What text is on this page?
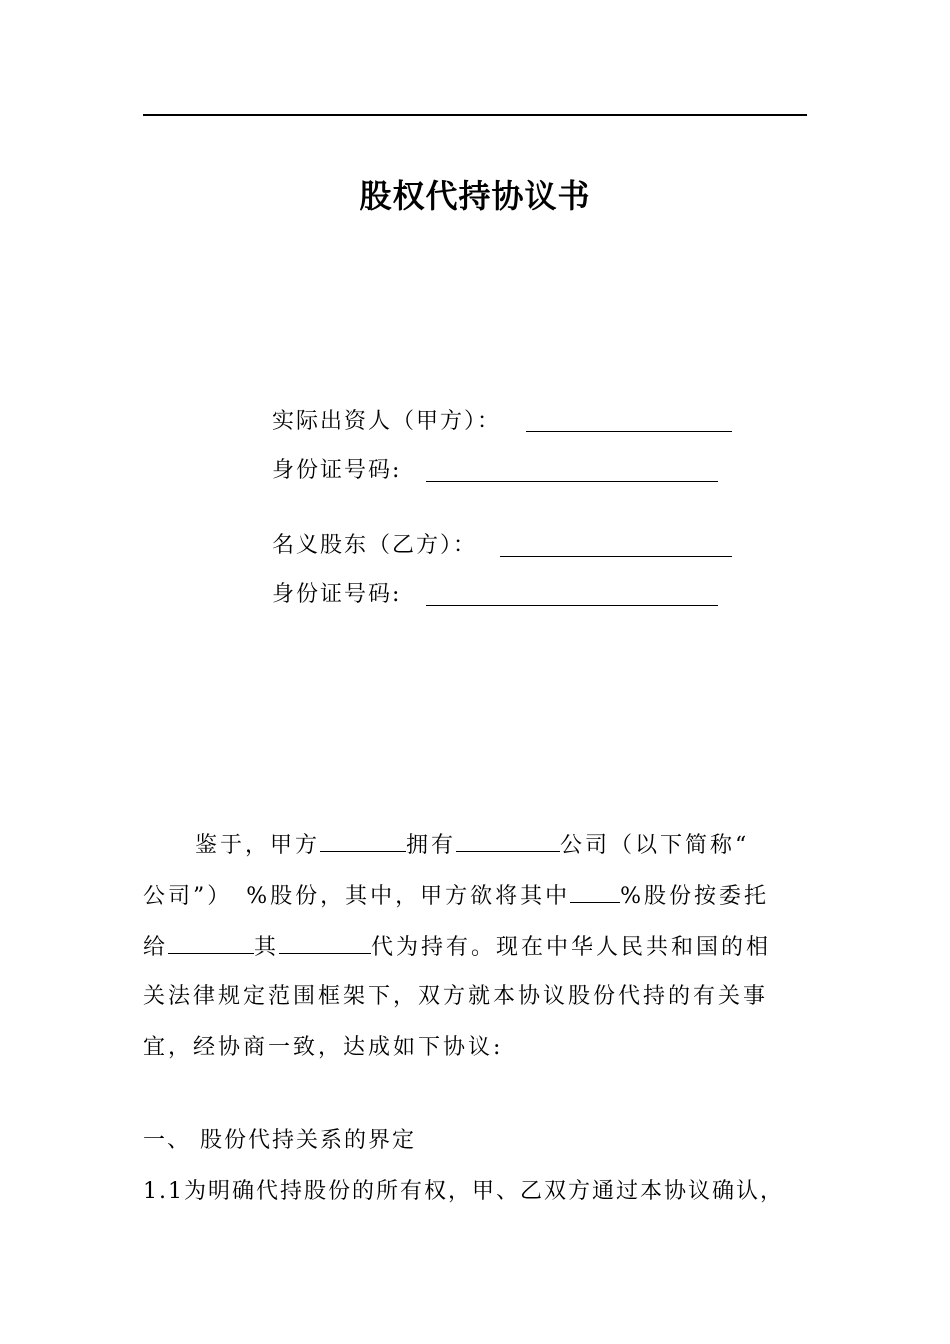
股权代持协议书
实际出资人（甲方）：
身份证号码:
名义股东（乙方）：
身份证号码:
鉴于，甲方	拥有	公司（以下简称“
公司”）　%股份，其中，甲方欲将其中 %股份按委托
给	其	代为持有。现在中华人民共和国的相
关法律规定范围框架下，双方就本协议股份代持的有关事
宜，经协商一致，达成如下协议:
一、 股份代持关系的界定
1.1为明确代持股份的所有权，甲、乙双方通过本协议确认，
